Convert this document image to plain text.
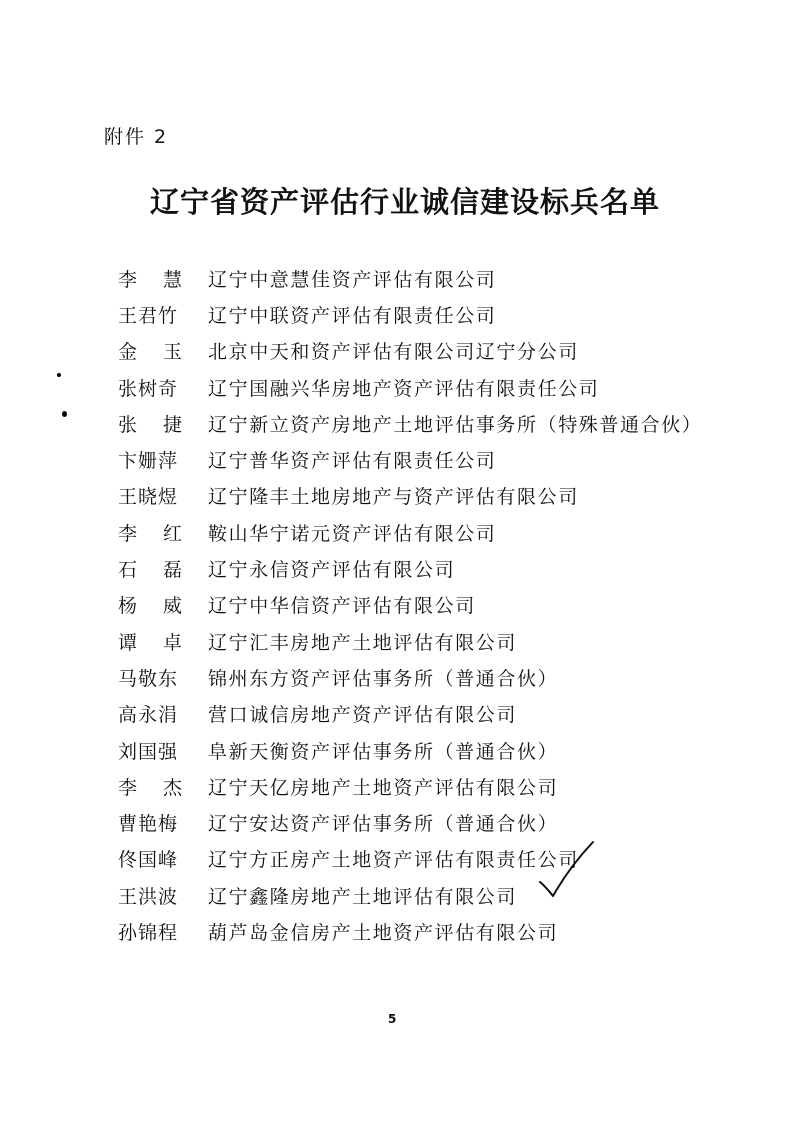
附件 2
辽宁省资产评估行业诚信建设标兵名单
李 慧 辽宁中意慧佳资产评估有限公司
王君竹	辽宁中联资产评估有限责任公司
金 玉 北京中天和资产评估有限公司辽宁分公司
张树奇	辽宁国融兴华房地产资产评估有限责任公司
张 捷 辽宁新立资产房地产土地评估事务所（特殊普通合伙）
卞姗萍	辽宁普华资产评估有限责任公司
王晓煜	辽宁隆丰土地房地产与资产评估有限公司
李 红 鞍山华宁诺元资产评估有限公司
石 磊 辽宁永信资产评估有限公司
杨 威 辽宁中华信资产评估有限公司
谭 卓 辽宁汇丰房地产土地评估有限公司
马敬东	锦州东方资产评估事务所（普通合伙）
高永涓	营口诚信房地产资产评估有限公司
刘国强	阜新天衡资产评估事务所（普通合伙）
李 杰 辽宁天亿房地产土地资产评估有限公司
曹艳梅	辽宁安达资产评估事务所（普通合伙）
佟国峰	辽宁方正房产土地资产评估有限责任公司
王洪波	辽宁鑫隆房地产土地评估有限公司
孙锦程	葫芦岛金信房产土地资产评估有限公司
5
